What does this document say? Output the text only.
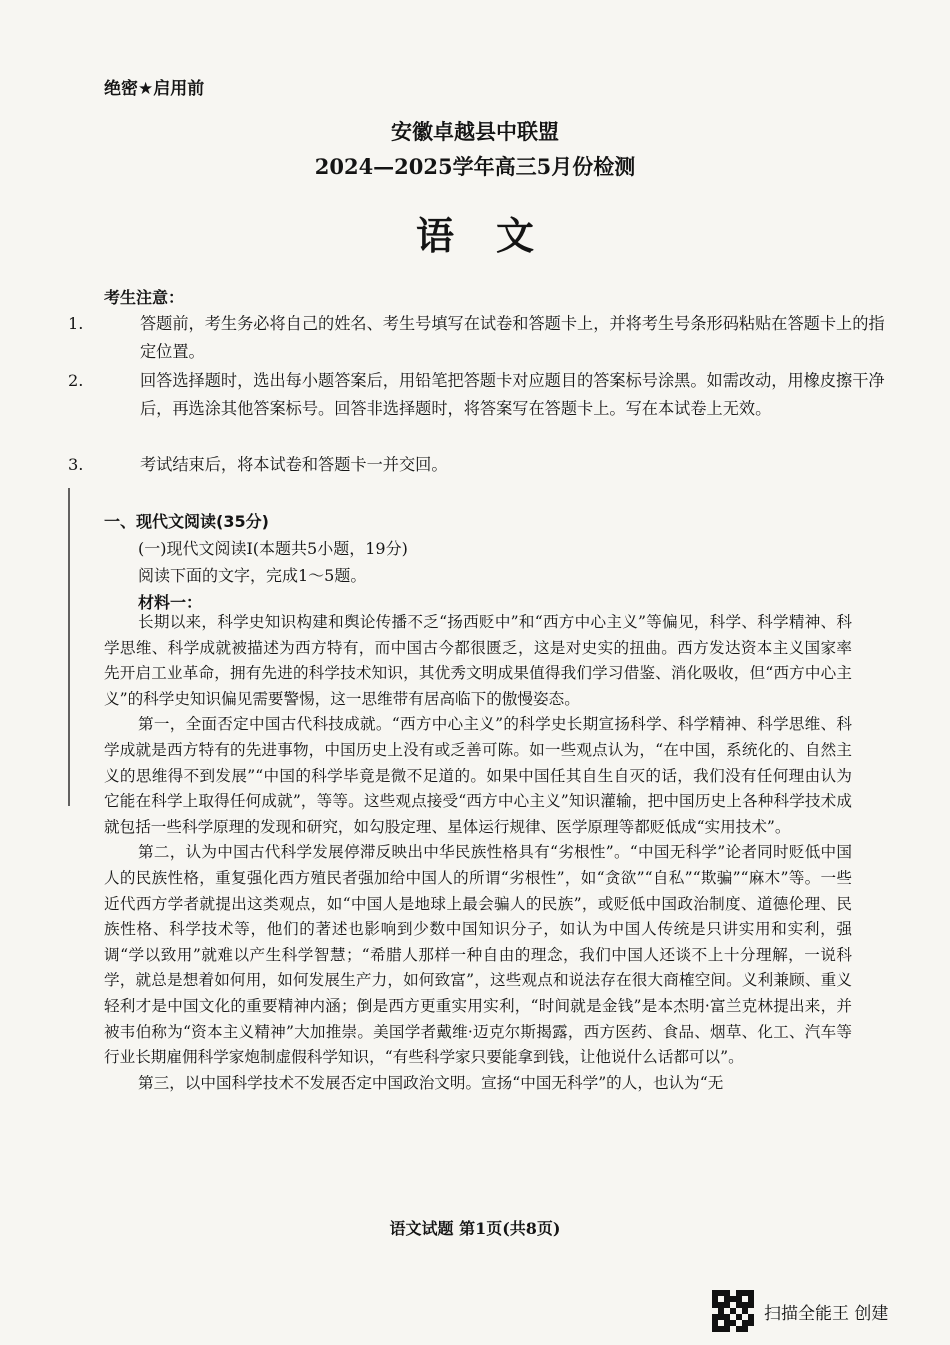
绝密★启用前
安徽卓越县中联盟
2024—2025学年高三5月份检测
语文
考生注意：
1.	答题前，考生务必将自己的姓名、考生号填写在试卷和答题卡上，并将考生号条形码粘贴在答题卡上的指定位置。
2.	回答选择题时，选出每小题答案后，用铅笔把答题卡对应题目的答案标号涂黑。如需改动，用橡皮擦干净后，再选涂其他答案标号。回答非选择题时，将答案写在答题卡上。写在本试卷上无效。
3.	考试结束后，将本试卷和答题卡一并交回。
一、现代文阅读(35分)
(一)现代文阅读Ⅰ(本题共5小题，19分)
阅读下面的文字，完成1～5题。
材料一：

长期以来，科学史知识构建和舆论传播不乏“扬西贬中”和“西方中心主义”等偏见，科学、科学精神、科学思维、科学成就被描述为西方特有，而中国古今都很匮乏，这是对史实的扭曲。西方发达资本主义国家率先开启工业革命，拥有先进的科学技术知识，其优秀文明成果值得我们学习借鉴、消化吸收，但“西方中心主义”的科学史知识偏见需要警惕，这一思维带有居高临下的傲慢姿态。

第一，全面否定中国古代科技成就。“西方中心主义”的科学史长期宣扬科学、科学精神、科学思维、科学成就是西方特有的先进事物，中国历史上没有或乏善可陈。如一些观点认为，“在中国，系统化的、自然主义的思维得不到发展”“中国的科学毕竟是微不足道的。如果中国任其自生自灭的话，我们没有任何理由认为它能在科学上取得任何成就”，等等。这些观点接受“西方中心主义”知识灌输，把中国历史上各种科学技术成就包括一些科学原理的发现和研究，如勾股定理、星体运行规律、医学原理等都贬低成“实用技术”。

第二，认为中国古代科学发展停滞反映出中华民族性格具有“劣根性”。“中国无科学”论者同时贬低中国人的民族性格，重复强化西方殖民者强加给中国人的所谓“劣根性”，如“贪欲”“自私”“欺骗”“麻木”等。一些近代西方学者就提出这类观点，如“中国人是地球上最会骗人的民族”，或贬低中国政治制度、道德伦理、民族性格、科学技术等，他们的著述也影响到少数中国知识分子，如认为中国人传统是只讲实用和实利，强调“学以致用”就难以产生科学智慧；“希腊人那样一种自由的理念，我们中国人还谈不上十分理解，一说科学，就总是想着如何用，如何发展生产力，如何致富”，这些观点和说法存在很大商榷空间。义利兼顾、重义轻利才是中国文化的重要精神内涵；倒是西方更重实用实利，“时间就是金钱”是本杰明·富兰克林提出来，并被韦伯称为“资本主义精神”大加推崇。美国学者戴维·迈克尔斯揭露，西方医药、食品、烟草、化工、汽车等行业长期雇佣科学家炮制虚假科学知识，“有些科学家只要能拿到钱，让他说什么话都可以”。

第三，以中国科学技术不发展否定中国政治文明。宣扬“中国无科学”的人，也认为“无

语文试题 第1页(共8页)
扫描全能王 创建
